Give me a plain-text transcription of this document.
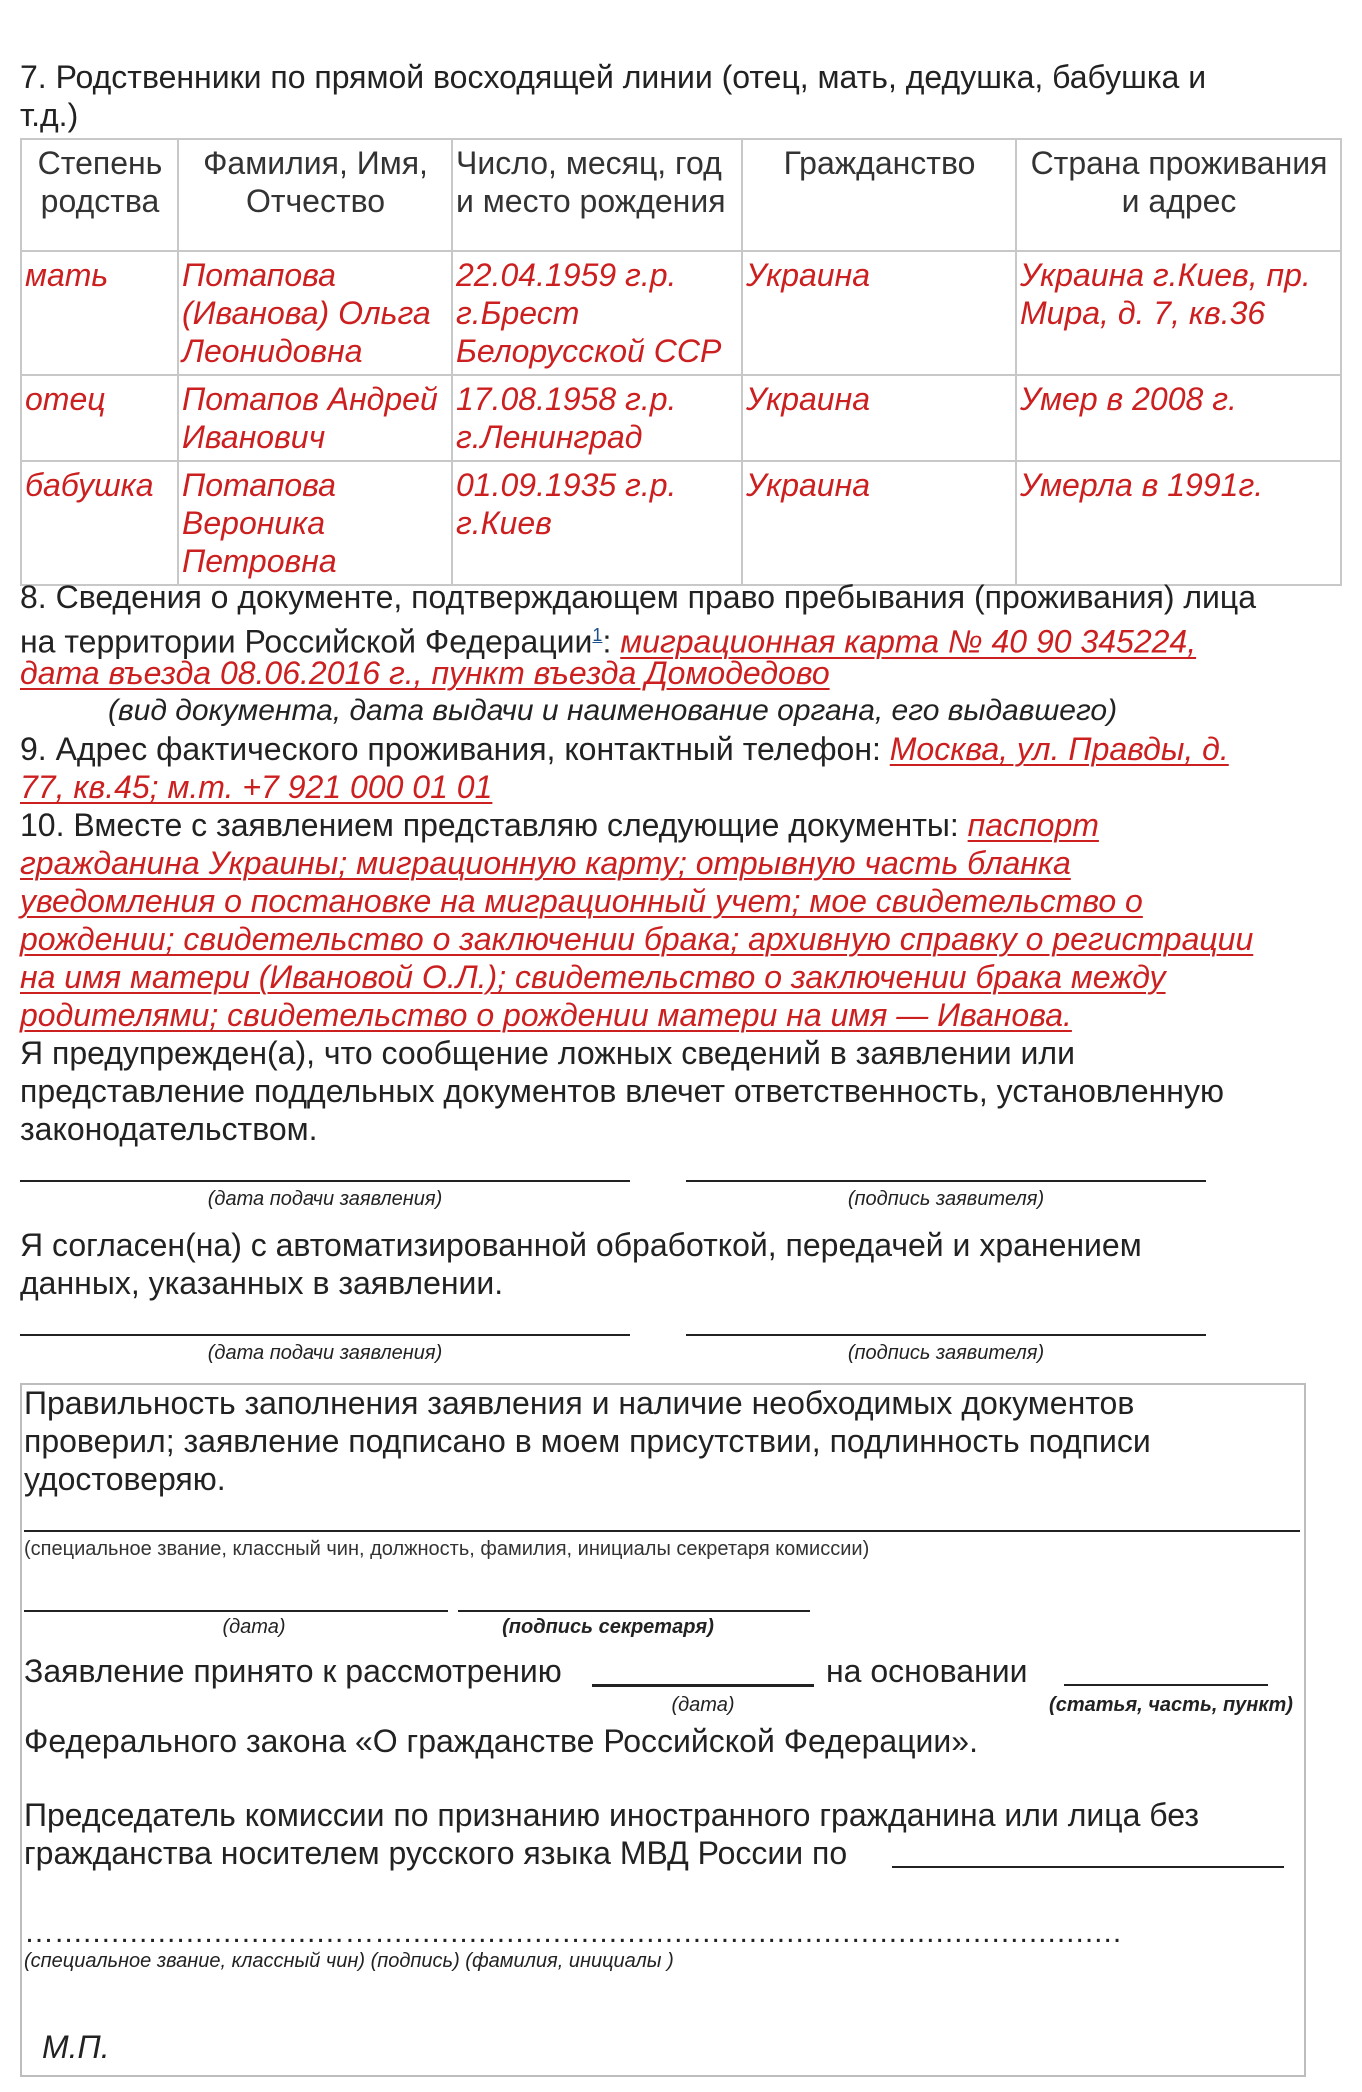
7. Родственники по прямой восходящей линии (отец, мать, дедушка, бабушка и
т.д.)
Степень родства	Фамилия, Имя, Отчество	Число, месяц, год и место рождения	Гражданство	Страна проживания и адрес
мать	Потапова (Иванова) Ольга Леонидовна	22.04.1959 г.р. г.Брест Белорусской ССР	Украина	Украина г.Киев, пр. Мира, д. 7, кв.36
отец	Потапов Андрей Иванович	17.08.1958 г.р. г.Ленинград	Украина	Умер в 2008 г.
бабушка	Потапова Вероника Петровна	01.09.1935 г.р. г.Киев	Украина	Умерла в 1991г.
8. Сведения о документе, подтверждающем право пребывания (проживания) лица
на территории Российской Федерации$^1$: миграционная карта № 40 90 345224,
дата въезда 08.06.2016 г., пункт въезда Домодедово
(вид документа, дата выдачи и наименование органа, его выдавшего)
9. Адрес фактического проживания, контактный телефон: Москва, ул. Правды, д.
77, кв.45; м.т. +7 921 000 01 01
10. Вместе с заявлением представляю следующие документы: паспорт
гражданина Украины; миграционную карту; отрывную часть бланка
уведомления о постановке на миграционный учет; мое свидетельство о
рождении; свидетельство о заключении брака; архивную справку о регистрации
на имя матери (Ивановой О.Л.); свидетельство о заключении брака между
родителями; свидетельство о рождении матери на имя — Иванова.
Я предупрежден(а), что сообщение ложных сведений в заявлении или
представление поддельных документов влечет ответственность, установленную
законодательством.
(дата подачи заявления)	(подпись заявителя)
Я согласен(на) с автоматизированной обработкой, передачей и хранением
данных, указанных в заявлении.
(дата подачи заявления)	(подпись заявителя)
Правильность заполнения заявления и наличие необходимых документов
проверил; заявление подписано в моем присутствии, подлинность подписи
удостоверяю.
(специальное звание, классный чин, должность, фамилия, инициалы секретаря комиссии)
(дата)	(подпись секретаря)
Заявление принято к рассмотрению	на основании
(дата)	(статья, часть, пункт)
Федерального закона «О гражданстве Российской Федерации».
Председатель комиссии по признанию иностранного гражданина или лица без
гражданства носителем русского языка МВД России по
…...............................…................................................................................
(специальное звание, классный чин) (подпись) (фамилия, инициалы )
М.П.
